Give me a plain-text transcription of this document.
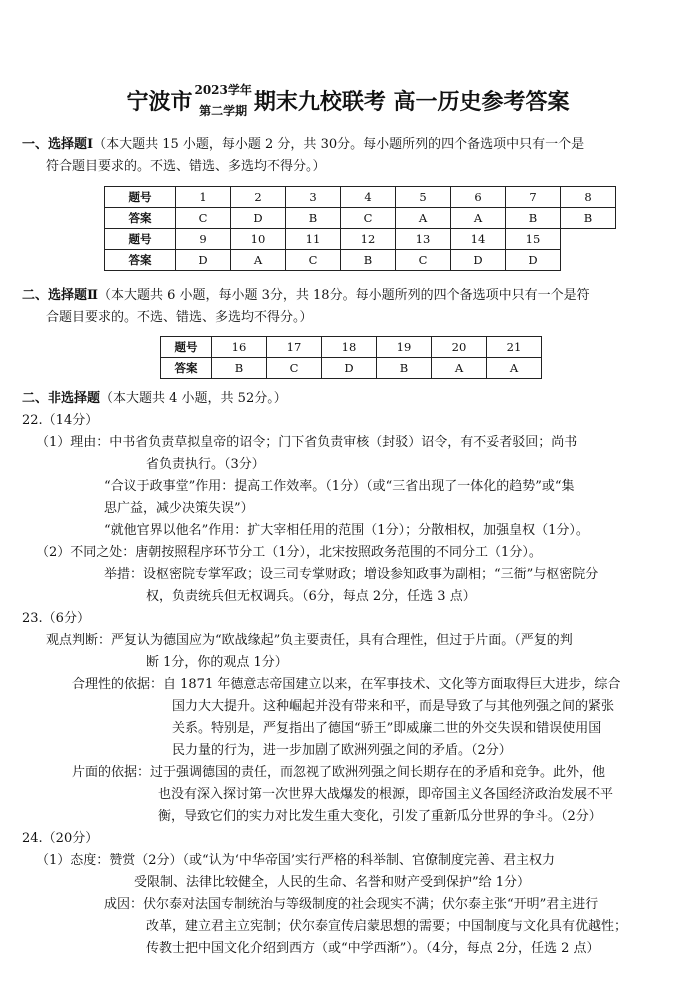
宁波市 2023学年
第二学期 期末九校联考 高一历史参考答案
一、选择题Ⅰ（本大题共 15 小题，每小题 2 分，共 30分。每小题所列的四个备选项中只有一个是
符合题目要求的。不选、错选、多选均不得分。）
题号	1	2	3	4	5	6	7	8
答案	C	D	B	C	A	A	B	B
题号	9	10	11	12	13	14	15	
答案	D	A	C	B	C	D	D	
二、选择题Ⅱ（本大题共 6 小题，每小题 3分，共 18分。每小题所列的四个备选项中只有一个是符
合题目要求的。不选、错选、多选均不得分。）
题号	16	17	18	19	20	21
答案	B	C	D	B	A	A
二、非选择题（本大题共 4 小题，共 52分。）
22.（14分）
（1）理由：中书省负责草拟皇帝的诏令；门下省负责审核（封驳）诏令，有不妥者驳回；尚书
省负责执行。（3分）
“合议于政事堂”作用：提高工作效率。（1分）（或“三省出现了一体化的趋势”或“集
思广益，减少决策失误”）
“就他官界以他名”作用：扩大宰相任用的范围（1分）；分散相权，加强皇权（1分）。
（2）不同之处：唐朝按照程序环节分工（1分），北宋按照政务范围的不同分工（1分）。
举措：设枢密院专掌军政；设三司专掌财政；增设参知政事为副相；“三衙”与枢密院分
权，负责统兵但无权调兵。（6分，每点 2分，任选 3 点）
23.（6分）
观点判断：严复认为德国应为“欧战缘起”负主要责任，具有合理性，但过于片面。（严复的判
断 1分，你的观点 1分）
合理性的依据：自 1871 年德意志帝国建立以来，在军事技术、文化等方面取得巨大进步，综合
国力大大提升。这种崛起并没有带来和平，而是导致了与其他列强之间的紧张
关系。特别是，严复指出了德国“骄王”即威廉二世的外交失误和错误使用国
民力量的行为，进一步加剧了欧洲列强之间的矛盾。（2分）
片面的依据：过于强调德国的责任，而忽视了欧洲列强之间长期存在的矛盾和竞争。此外，他
也没有深入探讨第一次世界大战爆发的根源，即帝国主义各国经济政治发展不平
衡，导致它们的实力对比发生重大变化，引发了重新瓜分世界的争斗。（2分）
24.（20分）
（1）态度：赞赏（2分）（或“认为‘中华帝国’实行严格的科举制、官僚制度完善、君主权力
受限制、法律比较健全，人民的生命、名誉和财产受到保护”给 1分）
成因：伏尔泰对法国专制统治与等级制度的社会现实不满；伏尔泰主张“开明”君主进行
改革，建立君主立宪制；伏尔泰宣传启蒙思想的需要；中国制度与文化具有优越性；
传教士把中国文化介绍到西方（或“中学西渐”）。（4分，每点 2分，任选 2 点）
